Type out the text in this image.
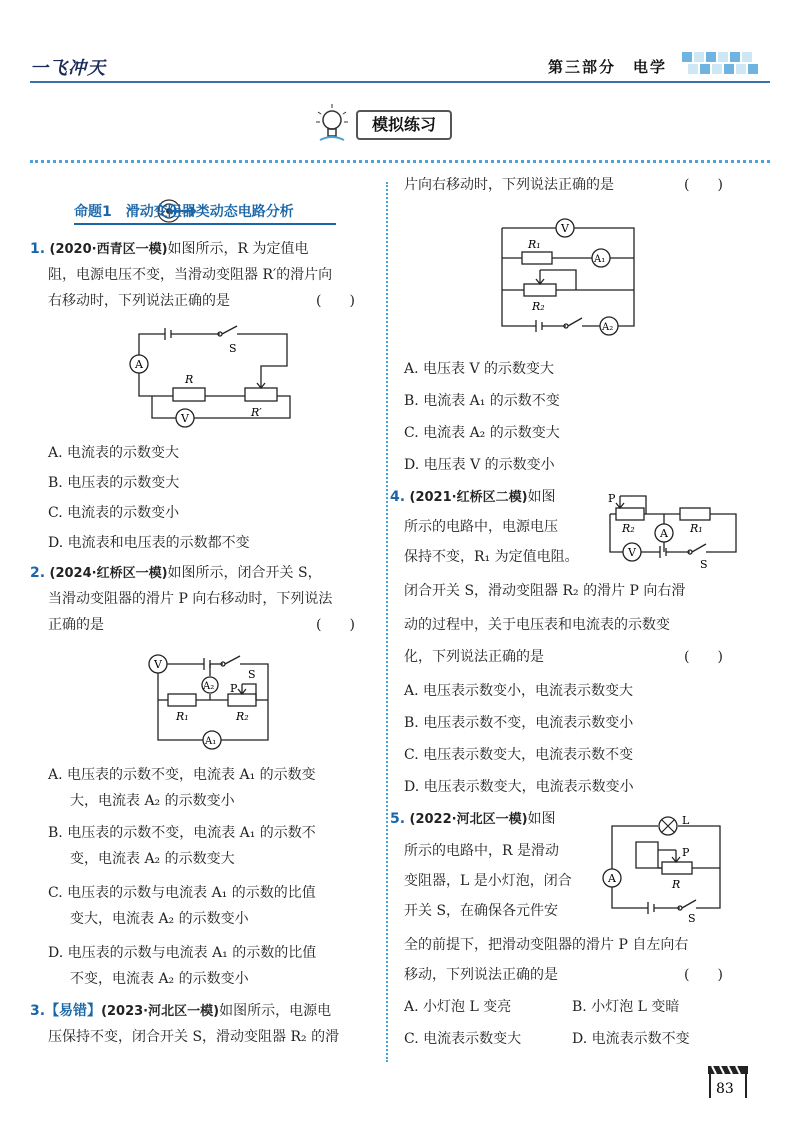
一飞冲天	第三部分　电学
模拟练习
命题1　滑动变阻器类动态电路分析
1. (2020·西青区一模)如图所示，R 为定值电
阻，电源电压不变，当滑动变阻器 R′的滑片向
右移动时，下列说法正确的是	(　　)
A
S
R
R′
V
A. 电流表的示数变大
B. 电压表的示数变大
C. 电流表的示数变小
D. 电流表和电压表的示数都不变
2. (2024·红桥区一模)如图所示，闭合开关 S，
当滑动变阻器的滑片 P 向右移动时，下列说法
正确的是	(　　)
V
S
A₂ P
R₁	R₂
A₁
A. 电压表的示数不变，电流表 A₁ 的示数变
大，电流表 A₂ 的示数变小
B. 电压表的示数不变，电流表 A₁ 的示数不
变，电流表 A₂ 的示数变大
C. 电压表的示数与电流表 A₁ 的示数的比值
变大，电流表 A₂ 的示数变小
D. 电压表的示数与电流表 A₁ 的示数的比值
不变，电流表 A₂ 的示数变小
3.【易错】(2023·河北区一模)如图所示，电源电
压保持不变，闭合开关 S，滑动变阻器 R₂ 的滑
片向右移动时，下列说法正确的是	(　　)
V
R₁
A₁
R₂
A₂
A. 电压表 V 的示数变大
B. 电流表 A₁ 的示数不变
C. 电流表 A₂ 的示数变大
D. 电压表 V 的示数变小
4. (2021·红桥区二模)如图
所示的电路中，电源电压
保持不变，R₁ 为定值电阻。
闭合开关 S，滑动变阻器 R₂ 的滑片 P 向右滑
动的过程中，关于电压表和电流表的示数变
化，下列说法正确的是	(　　)
P
R₂	R₁
A
V
S
A. 电压表示数变小，电流表示数变大
B. 电压表示数不变，电流表示数变小
C. 电压表示数变大，电流表示数不变
D. 电压表示数变大，电流表示数变小
5. (2022·河北区一模)如图
所示的电路中，R 是滑动
变阻器，L 是小灯泡，闭合
开关 S，在确保各元件安
全的前提下，把滑动变阻器的滑片 P 自左向右
移动，下列说法正确的是	(　　)
L
P
A	R
S
A. 小灯泡 L 变亮	B. 小灯泡 L 变暗
C. 电流表示数变大	D. 电流表示数不变
83
